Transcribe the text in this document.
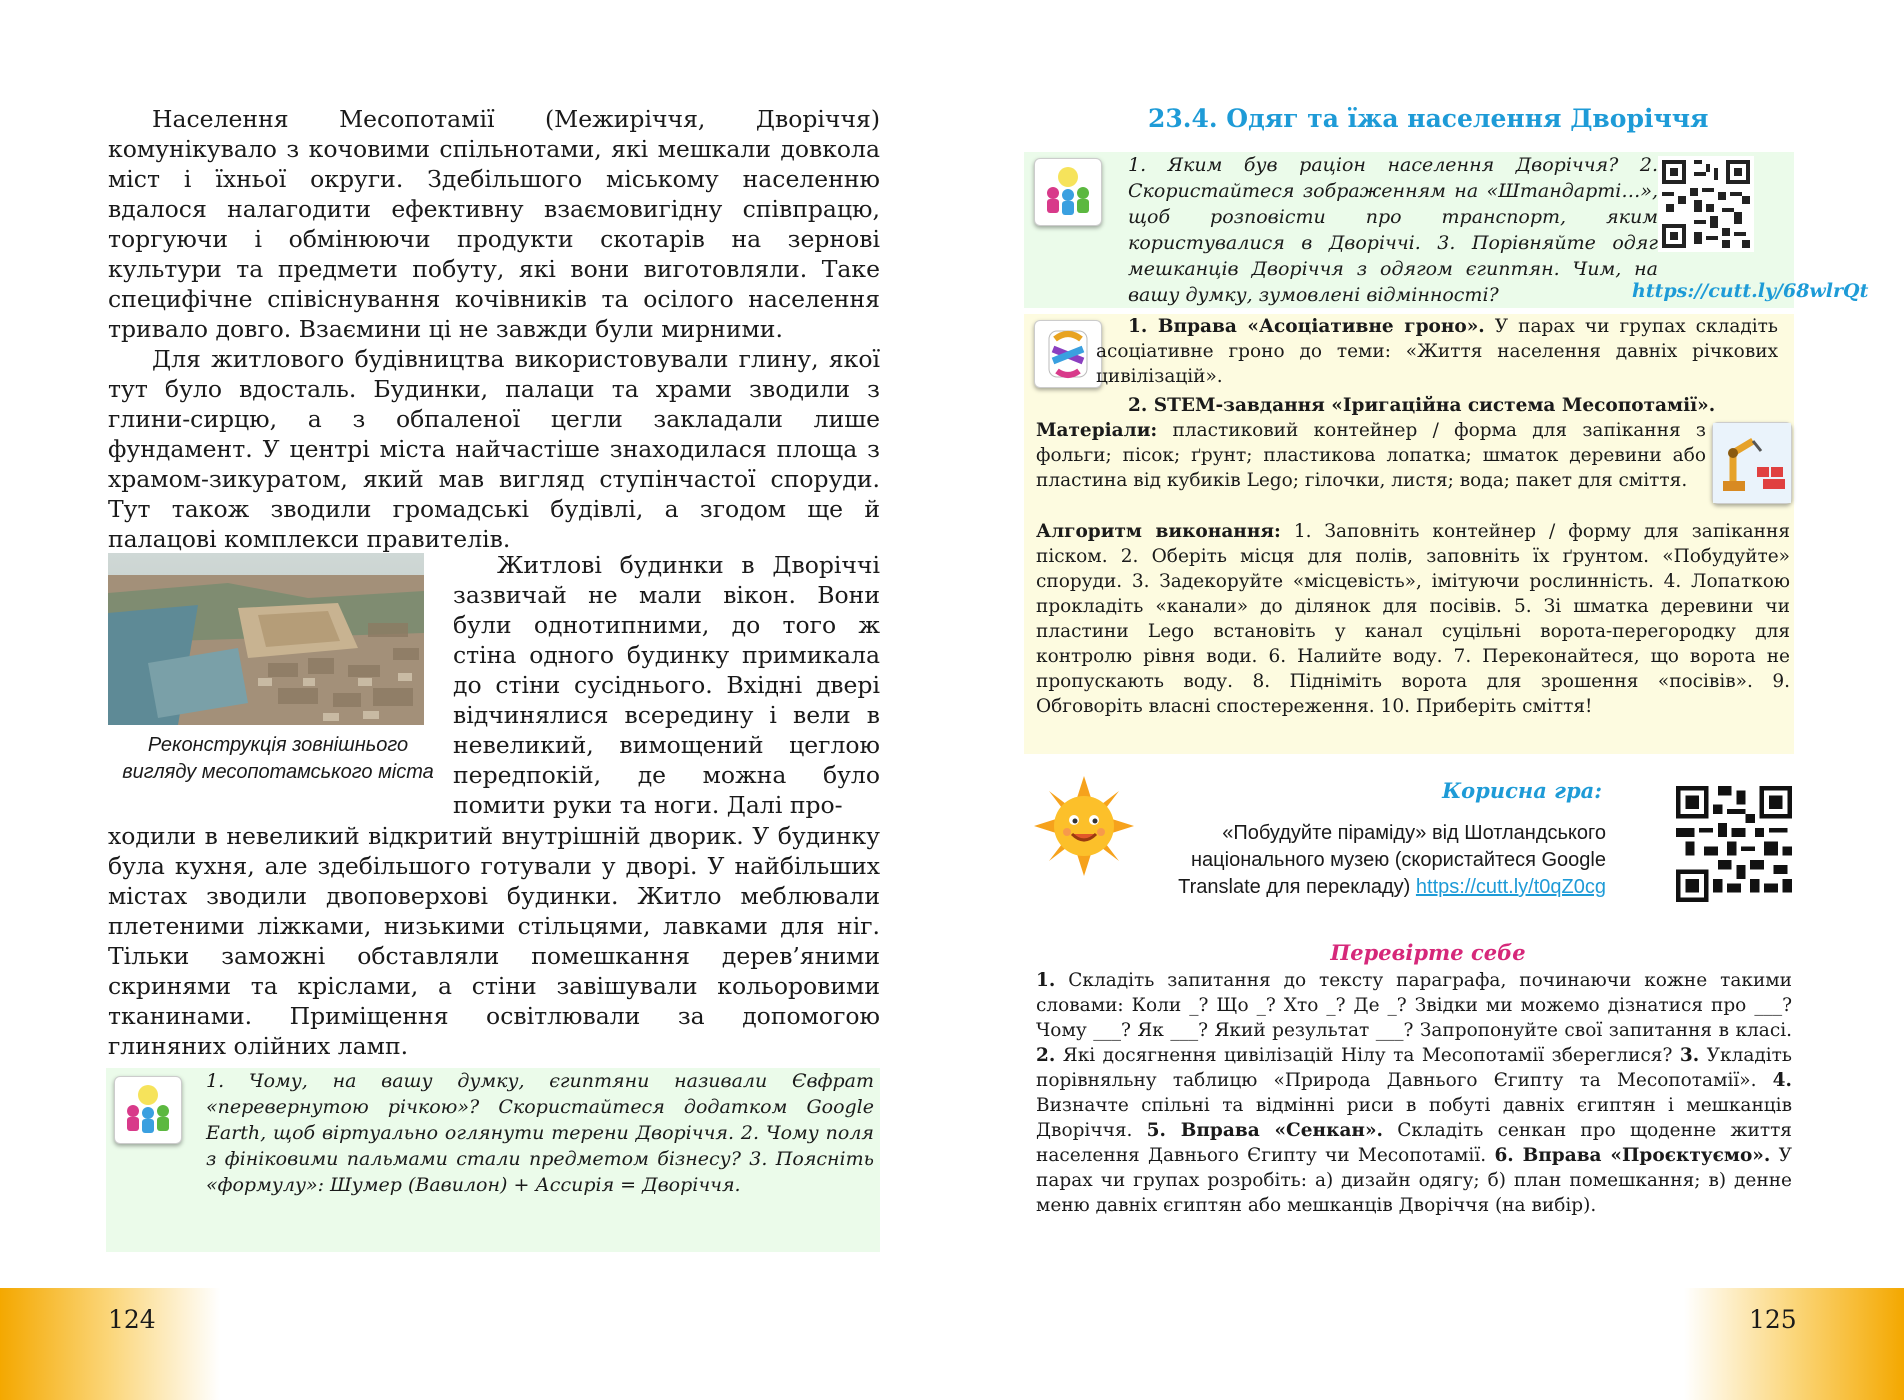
Населення Месопотамії (Межиріччя, Дворіччя) комунікувало з кочовими спільнотами, які мешкали довкола міст і їхньої округи. Здебільшого міському населенню вдалося налагодити ефективну взаємовигідну співпрацю, торгуючи і обмінюючи продукти скотарів на зернові культури та предмети побуту, які вони виготовляли. Таке специфічне співіснування кочівників та осілого населення тривало довго. Взаємини ці не завжди були мирними.

Для житлового будівництва використовували глину, якої тут було вдосталь. Будинки, палаци та храми зводили з глини-сирцю, а з обпаленої цегли закладали лише фундамент. У центрі міста найчастіше знаходилася площа з храмом-зикуратом, який мав вигляд ступінчастої споруди. Тут також зводили громадські будівлі, а згодом ще й палацові комплекси правителів.

Реконструкція зовнішнього вигляду месопотамського міста

Житлові будинки в Дворіччі зазвичай не мали вікон. Вони були однотипними, до того ж стіна одного будинку примикала до стіни сусіднього. Вхідні двері відчинялися всередину і вели в невеликий, вимощений цеглою передпокій, де можна було помити руки та ноги. Далі про-

ходили в невеликий відкритий внутрішній дворик. У будинку була кухня, але здебільшого готували у дворі. У найбільших містах зводили двоповерхові будинки. Житло меблювали плетеними ліжками, низькими стільцями, лавками для ніг. Тільки заможні обставляли помешкання дерев’яними скринями та кріслами, а стіни завішували кольоровими тканинами. Приміщення освітлювали за допомогою глиняних олійних ламп.

1. Чому, на вашу думку, єгиптяни називали Євфрат «перевернутою річкою»? Скористайтеся додатком Google Earth, щоб віртуально оглянути терени Дворіччя. 2. Чому поля з фініковими пальмами стали предметом бізнесу? 3. Поясніть «формулу»: Шумер (Вавилон) + Ассирія = Дворіччя.

124
23.4. Одяг та їжа населення Дворіччя

1. Яким був раціон населення Дворіччя? 2. Скористайтеся зображенням на «Штандарті…», щоб розповісти про транспорт, яким користувалися в Дворіччі. 3. Порівняйте одяг мешканців Дворіччя з одягом єгиптян. Чим, на вашу думку, зумовлені відмінності?	https://cutt.ly/68wlrQt

1. Вправа «Асоціативне гроно». У парах чи групах складіть асоціативне гроно до теми: «Життя населення давніх річкових цивілізацій».

2. STEM-завдання «Іригаційна система Месопотамії».

Матеріали: пластиковий контейнер / форма для запікання з фольги; пісок; ґрунт; пластикова лопатка; шматок деревини або пластина від кубиків Lego; гілочки, листя; вода; пакет для сміття.

Алгоритм виконання: 1. Заповніть контейнер / форму для запікання піском. 2. Оберіть місця для полів, заповніть їх ґрунтом. «Побудуйте» споруди. 3. Задекоруйте «місцевість», імітуючи рослинність. 4. Лопаткою прокладіть «канали» до ділянок для посівів. 5. Зі шматка деревини чи пластини Lego встановіть у канал суцільні ворота-перегородку для контролю рівня води. 6. Налийте воду. 7. Переконайтеся, що ворота не пропускають воду. 8. Підніміть ворота для зрошення «посівів». 9. Обговоріть власні спостереження. 10. Приберіть сміття!

Корисна гра:
«Побудуйте піраміду» від Шотландського національного музею (скористайтеся Google Translate для перекладу) https://cutt.ly/t0qZ0cg
Перевірте себе

1. Складіть запитання до тексту параграфа, починаючи кожне такими словами: Коли _? Що _? Хто _? Де _? Звідки ми можемо дізнатися про ___? Чому ___? Як ___? Який результат ___? Запропонуйте свої запитання в класі. 2. Які досягнення цивілізацій Нілу та Месопотамії збереглися? 3. Укладіть порівняльну таблицю «Природа Давнього Єгипту та Месопотамії». 4. Визначте спільні та відмінні риси в побуті давніх єгиптян і мешканців Дворіччя. 5. Вправа «Сенкан». Складіть сенкан про щоденне життя населення Давнього Єгипту чи Месопотамії. 6. Вправа «Проєктуємо». У парах чи групах розробіть: а) дизайн одягу; б) план помешкання; в) денне меню давніх єгиптян або мешканців Дворіччя (на вибір).

125
